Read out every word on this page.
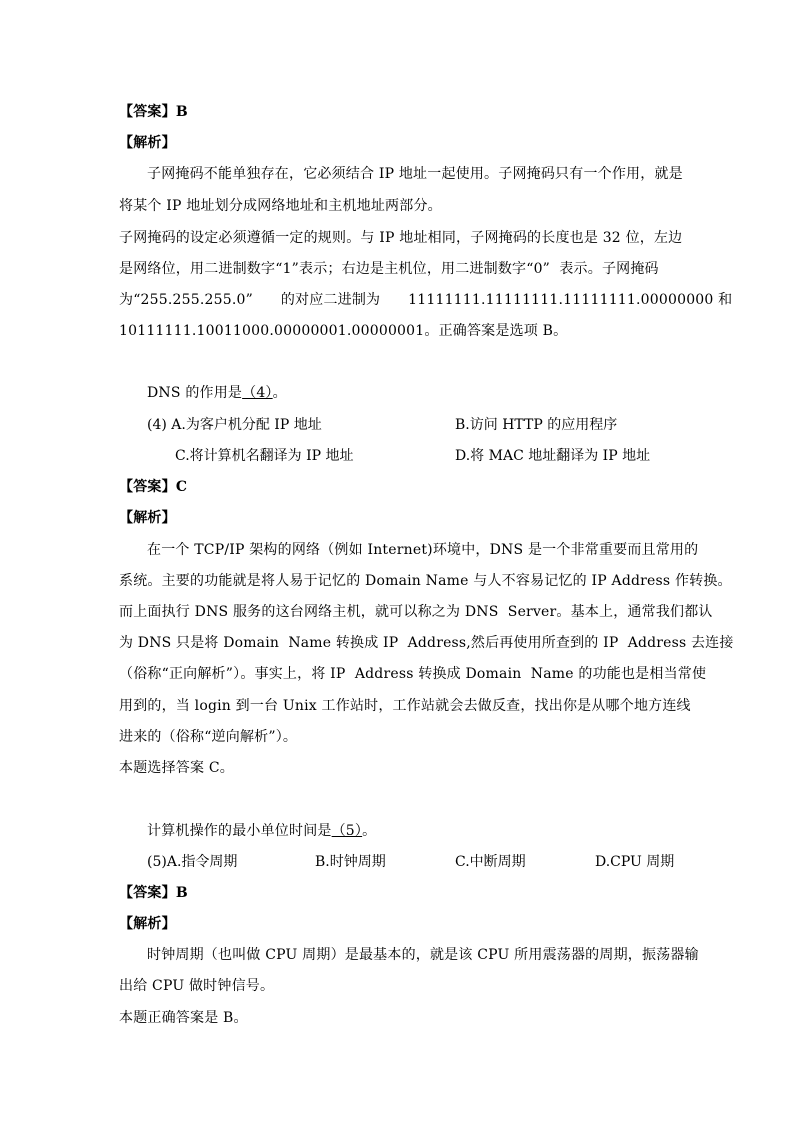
【答案】B
【解析】
子网掩码不能单独存在，它必须结合 IP 地址一起使用。子网掩码只有一个作用，就是
将某个 IP 地址划分成网络地址和主机地址两部分。
子网掩码的设定必须遵循一定的规则。与 IP 地址相同，子网掩码的长度也是 32 位，左边
是网络位，用二进制数字“1”表示；右边是主机位，用二进制数字“0”  表示。子网掩码
为“255.255.255.0”      的对应二进制为      11111111.11111111.11111111.00000000 和
10111111.10011000.00000001.00000001。正确答案是选项 B。
DNS 的作用是（4）。
(4) A.为客户机分配 IP 地址	B.访问 HTTP 的应用程序
C.将计算机名翻译为 IP 地址	D.将 MAC 地址翻译为 IP 地址
【答案】C
【解析】
在一个 TCP/IP 架构的网络（例如 Internet)环境中，DNS 是一个非常重要而且常用的
系统。主要的功能就是将人易于记忆的 Domain Name 与人不容易记忆的 IP Address 作转换。
而上面执行 DNS 服务的这台网络主机，就可以称之为 DNS  Server。基本上，通常我们都认
为 DNS 只是将 Domain  Name 转换成 IP  Address,然后再使用所查到的 IP  Address 去连接
（俗称“正向解析”）。事实上，将 IP  Address 转换成 Domain  Name 的功能也是相当常使
用到的，当 login 到一台 Unix 工作站时，工作站就会去做反查，找出你是从哪个地方连线
进来的（俗称“逆向解析”）。
本题选择答案 C。
计算机操作的最小单位时间是（5）。
(5)A.指令周期	B.时钟周期	C.中断周期	D.CPU 周期
【答案】B
【解析】
时钟周期（也叫做 CPU 周期）是最基本的，就是该 CPU 所用震荡器的周期，振荡器输
出给 CPU 做时钟信号。
本题正确答案是 B。
